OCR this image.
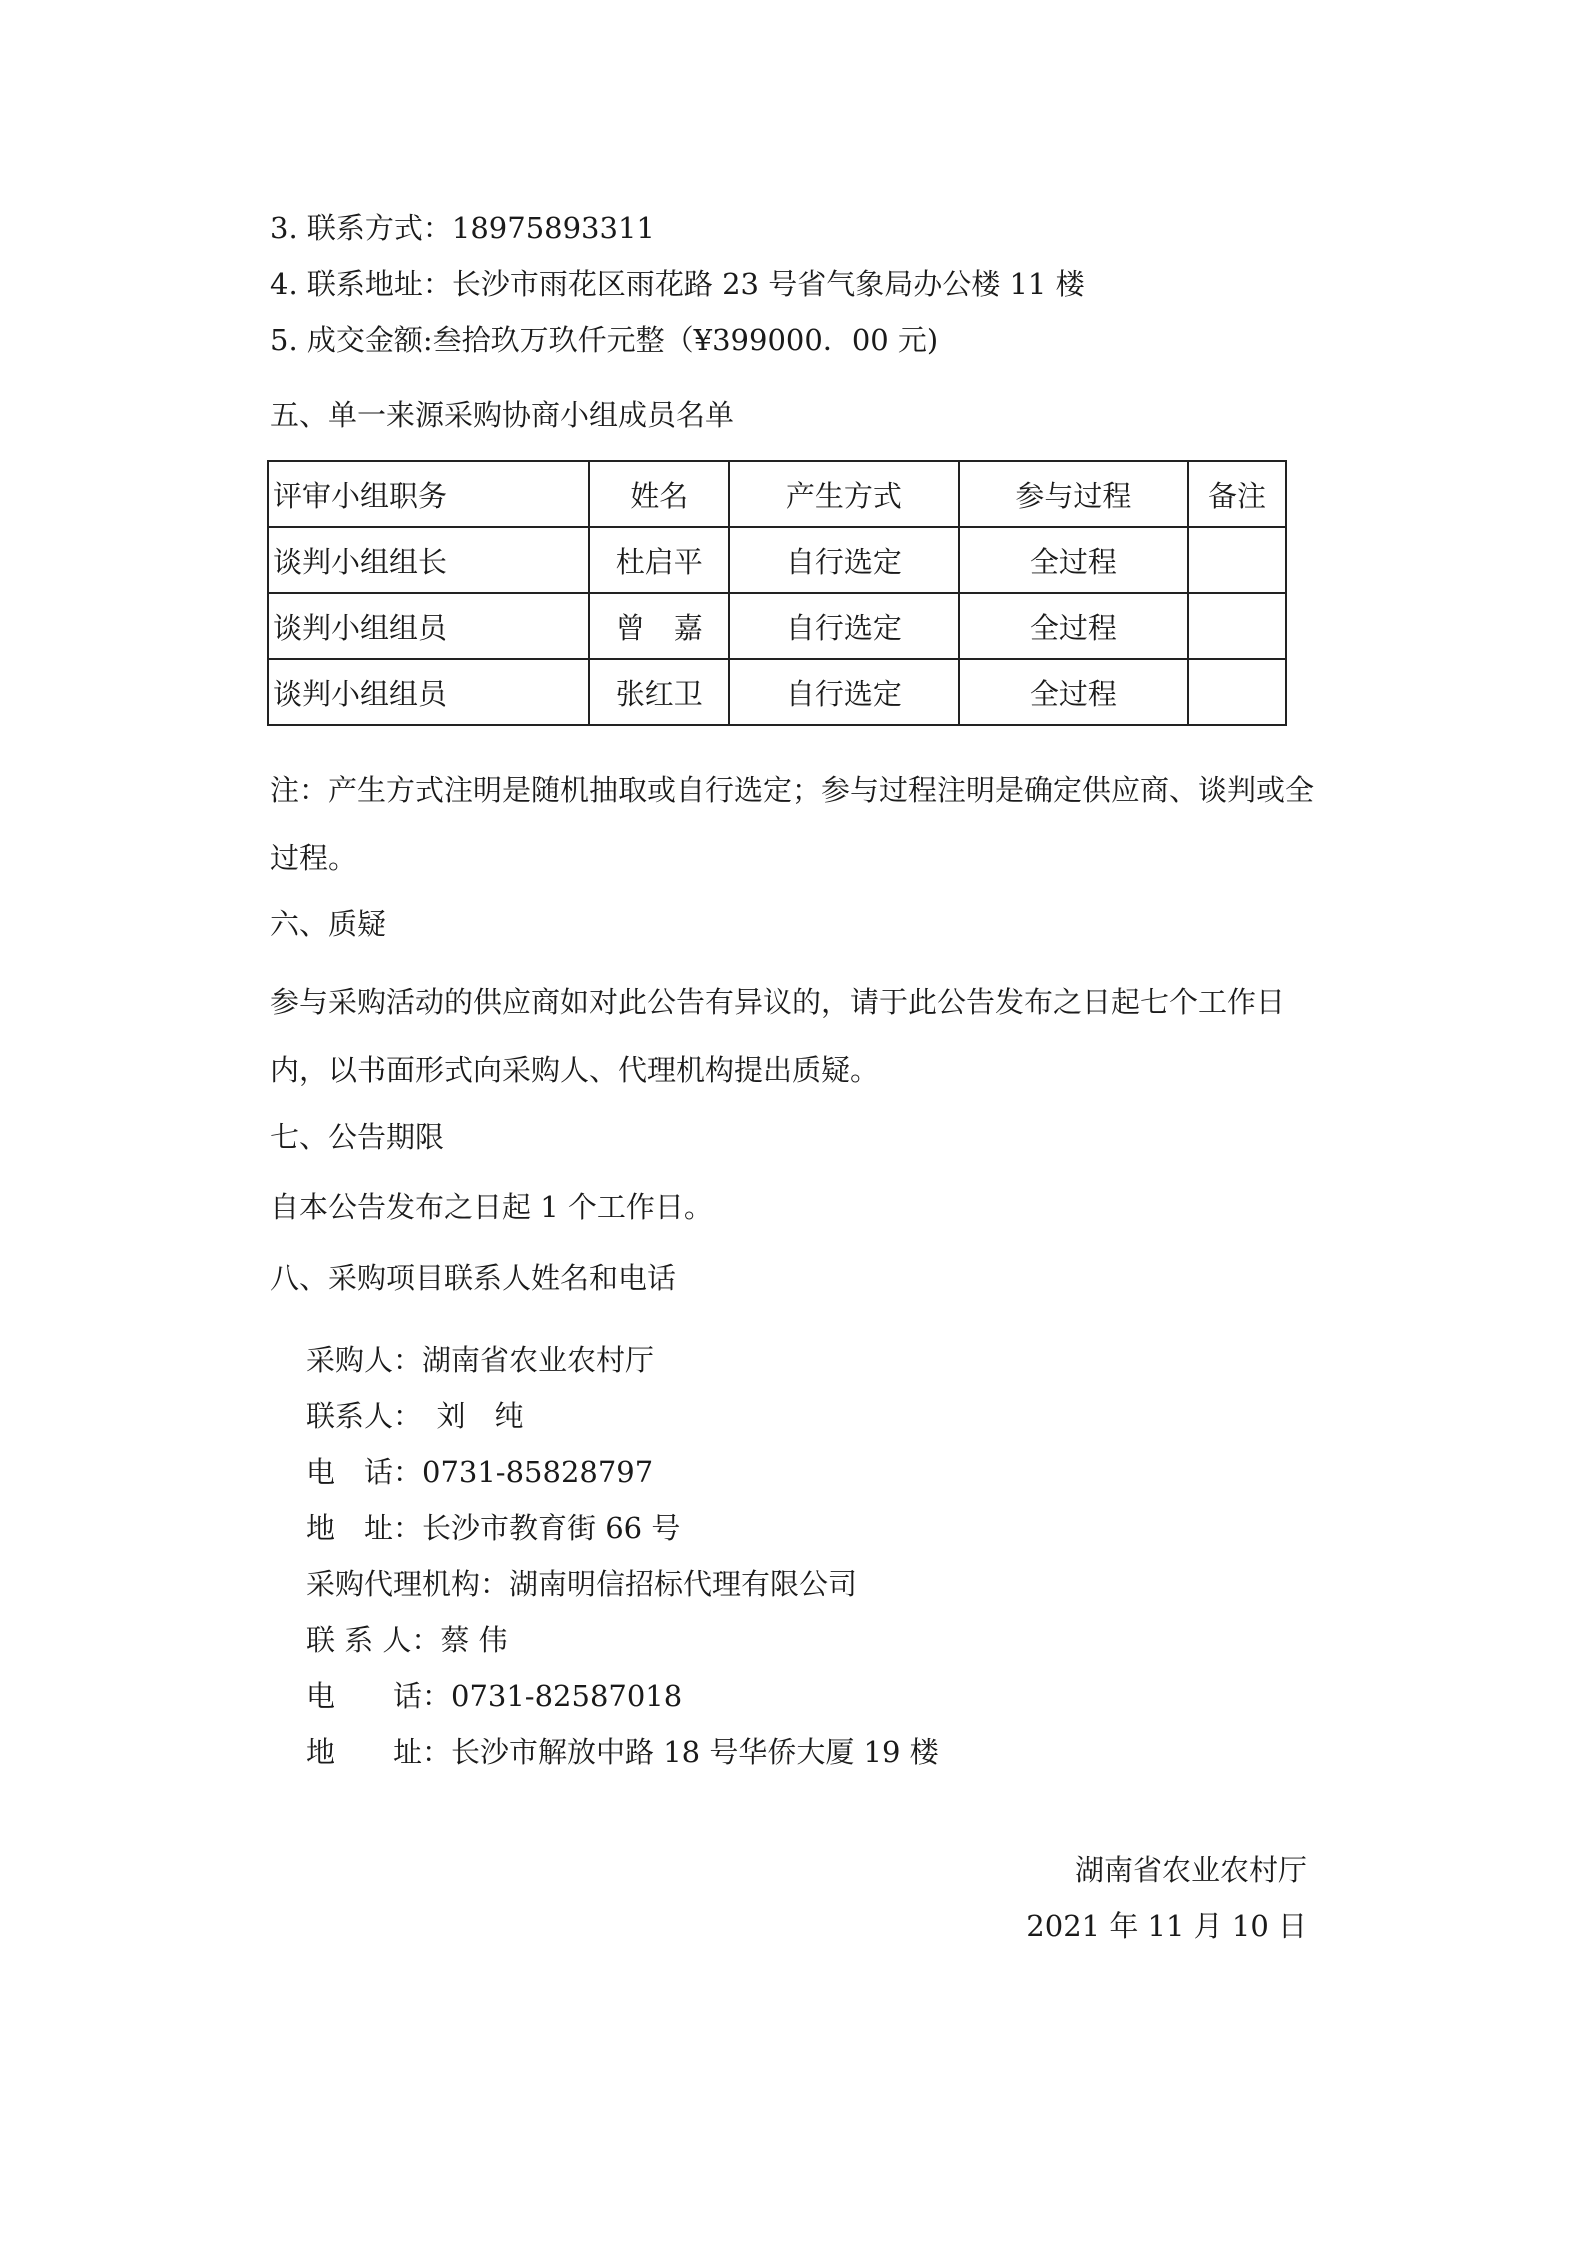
3. 联系方式：18975893311
4. 联系地址：长沙市雨花区雨花路 23 号省气象局办公楼 11 楼
5. 成交金额:叁拾玖万玖仟元整（¥399000．00 元)
五、单一来源采购协商小组成员名单
评审小组职务	姓名	产生方式	参与过程	备注
谈判小组组长	杜启平	自行选定	全过程	
谈判小组组员	曾　嘉	自行选定	全过程	
谈判小组组员	张红卫	自行选定	全过程	
注：产生方式注明是随机抽取或自行选定；参与过程注明是确定供应商、谈判或全过程。
六、质疑
参与采购活动的供应商如对此公告有异议的，请于此公告发布之日起七个工作日内，以书面形式向采购人、代理机构提出质疑。
七、公告期限
自本公告发布之日起 1 个工作日。
八、采购项目联系人姓名和电话
采购人：湖南省农业农村厅
联系人：　刘　纯
电　话：0731-85828797
地　址：长沙市教育街 66 号
采购代理机构：湖南明信招标代理有限公司
联 系 人：蔡 伟
电　　话：0731-82587018
地　　址：长沙市解放中路 18 号华侨大厦 19 楼
湖南省农业农村厅
2021 年 11 月 10 日
